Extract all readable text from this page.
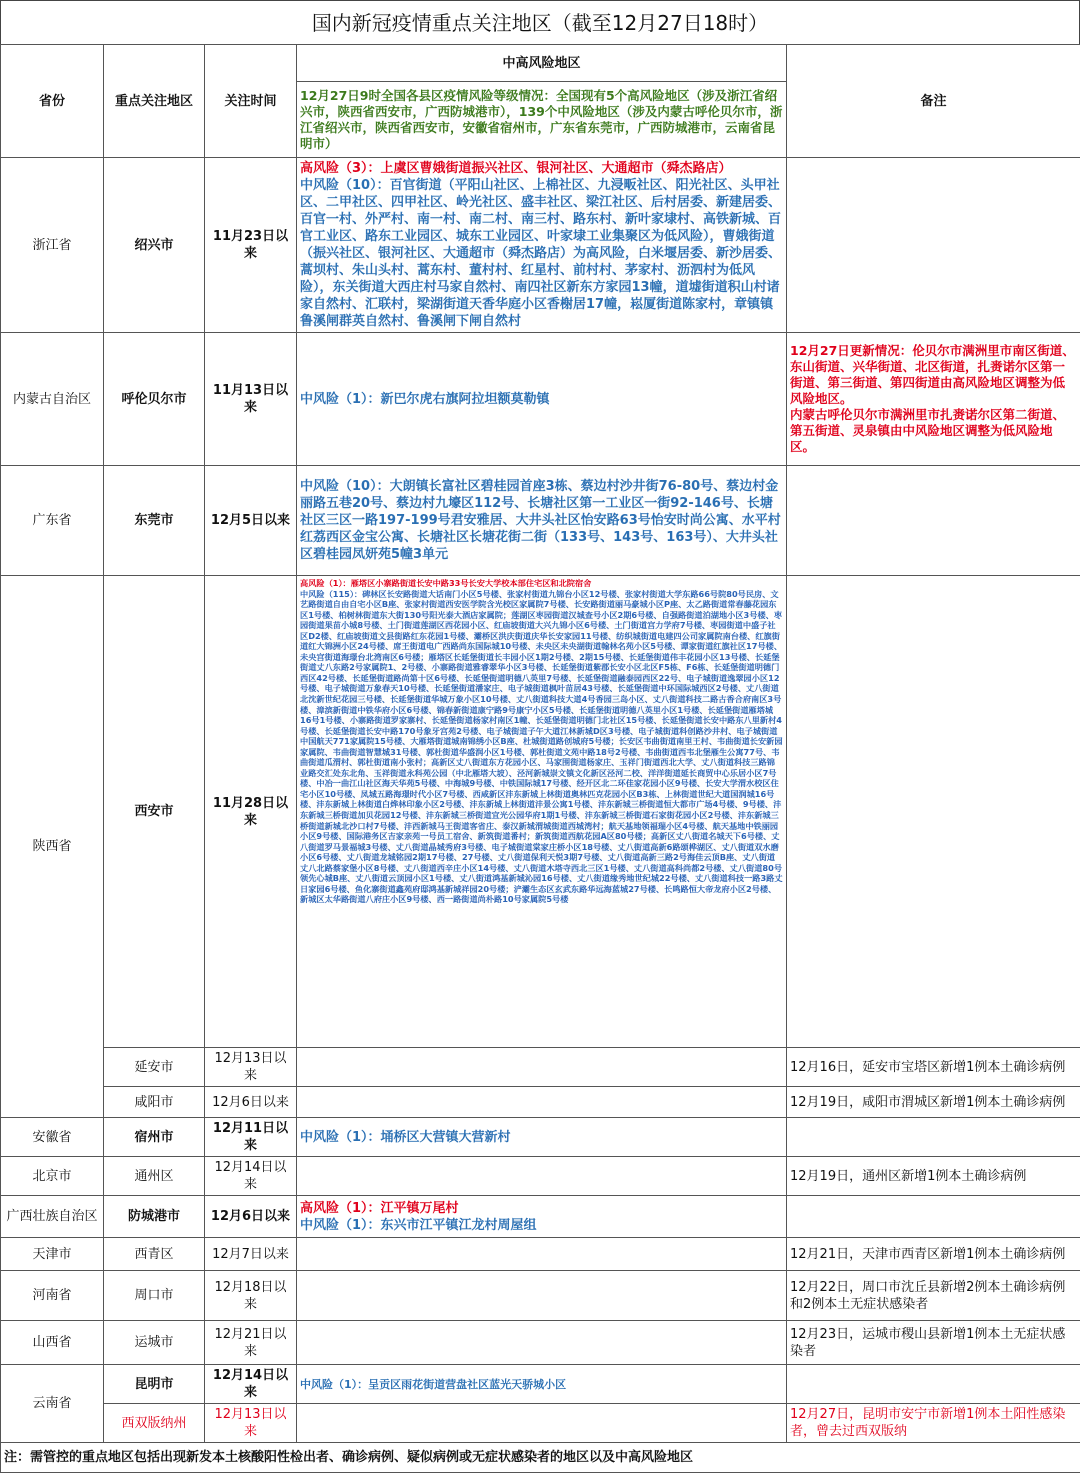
国内新冠疫情重点关注地区（截至12月27日18时）
省份	重点关注地区	关注时间	中高风险地区	备注
			12月27日9时全国各县区疫情风险等级情况：全国现有5个高风险地区（涉及浙江省绍兴市，陕西省西安市，广西防城港市），139个中风险地区（涉及内蒙古呼伦贝尔市，浙江省绍兴市，陕西省西安市，安徽省宿州市，广东省东莞市，广西防城港市，云南省昆明市）	
浙江省	绍兴市	11月23日以来	高风险（3）：上虞区曹娥街道振兴社区、银河社区、大通超市（舜杰路店）
中风险（10）：百官街道（平阳山社区、上棉社区、九浸畈社区、阳光社区、头甲社区、二甲社区、四甲社区、岭光社区、盛丰社区、梁江社区、后村居委、新建居委、百官一村、外严村、南一村、南二村、南三村、路东村、新叶家埭村、高铁新城、百官工业区、路东工业园区、城东工业园区、叶家埭工业集聚区为低风险），曹娥街道（振兴社区、银河社区、大通超市（舜杰路店）为高风险，白米堰居委、新沙居委、蒿坝村、朱山头村、蒿东村、董村村、红星村、前村村、茅家村、沥泗村为低风险），东关街道大西庄村马家自然村、南四社区新东方家园13幢，道墟街道积山村诸家自然村、汇联村，梁湖街道天香华庭小区香榭居17幢，崧厦街道陈家村，章镇镇鲁溪闸群英自然村、鲁溪闸下闸自然村	

内蒙古自治区	呼伦贝尔市	11月13日以来	中风险（1）：新巴尔虎右旗阿拉坦额莫勒镇	12月27日更新情况：伦贝尔市满洲里市南区街道、东山街道、兴华街道、北区街道，扎赉诺尔区第一街道、第三街道、第四街道由高风险地区调整为低风险地区。
内蒙古呼伦贝尔市满洲里市扎赉诺尔区第二街道、第五街道、灵泉镇由中风险地区调整为低风险地区。
广东省	东莞市	12月5日以来	中风险（10）：大朗镇长富社区碧桂园首座3栋、蔡边村沙井街76-80号、蔡边村金丽路五巷20号、蔡边村九壕区112号、长塘社区第一工业区一街92-146号、长塘社区三区一路197-199号君安雅居、大井头社区怡安路63号怡安时尚公寓、水平村红荔西区金宝公寓、长塘社区长塘花街二街（133号、143号、163号）、大井头社区碧桂园凤妍苑5幢3单元	
陕西省	西安市	11月28日以来	高风险（1）：雁塔区小寨路街道长安中路33号长安大学校本部住宅区和北院宿舍
中风险（115）：碑林区长安路街道大话南门小区5号楼、张家村街道九锦台小区12号楼、张家村街道大学东路66号院80号民房、文艺路街道自由自宅小区B座、张家村街道西安医学院含光校区家属院7号楼、长安路街道丽马豪城小区P座、太乙路街道常春藤花园东区1号楼、柏树林街道东大街130号阳光泰大酒店家属院；莲湖区枣园街道汉城查号小区2期6号楼、自强路街道泊湖地小区3号楼、枣园街道果苗小城8号楼、土门街道莲湖区西花园小区、红庙坡街道大兴九锦小区6号楼、土门街道宫力学府7号楼、枣园街道中盛子社区D2楼、红庙坡街道文县街路红东花园1号楼、灞桥区洪庆街道庆华长安家园11号楼、纺织城街道电建四公司家属院南台楼、红旗街道红大锦洲小区24号楼、席王街道电广西路尚东国际城10号楼、未央区未央湖街道翰林名苑小区5号楼、谭家街道红旗社区17号楼、未央宫街道海璟台北湾南区6号楼；雁塔区长延堡街道长丰园小区1期2号楼、2期15号楼、长延堡街道伟丰花园小区13号楼、长延堡街道丈八东路2号家属院1、2号楼、小寨路街道雅睿翠华小区3号楼、长延堡街道紫郡长安小区北区F5栋、F6栋、长延堡街道明德门西区42号楼、长延堡街道路尚第十区6号楼、长延堡街道明德八英里7号楼、长延堡街道融泰园西区22号、电子城街道逸翠园小区12号楼、电子城街道万象春天10号楼、长延堡街道潘家庄、电子城街道枫叶苗居43号楼、长延堡街道中环国际城西区2号楼、丈八街道北沈新世纪花园三号楼、长延堡街道华城万象小区10号楼、丈八街道科技大道4号香园三岛小区、丈八街道科技二路古香合府南区3号楼、漳滨新街道中铁华府小区6号楼、锦春新街道康宁路9号康宁小区5号楼、长延堡街道明德八英里小区1号楼、长延堡街道雁塔城16号1号楼、小寨路街道罗家寨村、长延堡街道杨家村南区1幢、长延堡街道明德门北社区15号楼、长延堡街道长安中路东八里新村4号楼、长延堡街道长安中路170号象牙宫苑2号楼、电子城街道子午大道江林新城D区3号楼、电子城街道科创路沙井村、电子城街道中国航天771家属院15号楼、大雁塔街道城南锦绣小区B座、杜城街道路创城府5号楼；长安区韦曲街道南里王村、韦曲街道长安新园家属院、韦曲街道智慧城31号楼、郭杜街道华盛润小区1号楼、郭杜街道文苑中路18号2号楼、韦曲街道西韦北堡雁生公寓77号、韦曲街道瓜渭村、郭杜街道南小张村；高新区丈八街道东方花园小区、马家围街道杨家庄、玉祥门街道西北大学、丈八街道科技三路锦业路交汇处东北角、玉祥街道永科苑公园（中北雁塔大坡）、泾河新城崇文镇文化新区泾河二校、洋洋街道延长商贸中心乐居小区7号楼、中冶一曲江山社区海天华苑5号楼、中海城9号楼、中铁国际城17号楼、经开区北二环佳家花园小区9号楼、长安大学渭水校区住宅小区10号楼、凤城五路海璟时代小区7号楼、西咸新区沣东新城上林街道奥林匹克花园小区B3栋、上林街道世纪大道国润城16号楼、沣东新城上林街道白烨林印象小区2号楼、沣东新城上林街道沣景公寓1号楼、沣东新城三桥街道恒大都市广场4号楼、9号楼、沣东新城三桥街道加贝花园12号楼、沣东新城三桥街道宜光公园华府1期1号楼、沣东新城三桥街道石家街花园小区2号楼、沣东新城三桥街道新城北沙口村7号楼、沣西新城马王街道客省庄、泰汉新城渭城街道西城湾村；航天基地领福瑞小区4号楼、航天基地中铁丽园小区9号楼、国际港务区吉家亲苑一号员工宿舍、新筑街道番村；新筑街道西航花园A区80号楼；高新区丈八街道名城天下6号楼、丈八街道罗马景福城3号楼、丈八街道晶城秀府3号楼、电子城街道棠家庄桥小区18号楼、丈八街道高新6路颂桦湖区、丈八街道双水磨小区6号楼、丈八街道龙城铭园2期17号楼、27号楼、丈八街道保利天悦3期7号楼、丈八街道高新三路2号海佳云顶B座、丈八街道丈八北路蔡家堡小区8号楼、丈八街道西辛庄小区14号楼、丈八街道木塔寺西北三区1号楼、丈八街道高科尚都2号楼、丈八街道80号领先心城B座、丈八街道云顶园小区1号楼、丈八街道鸿基新城沁园16号楼、丈八街道缘秀地世纪城22号楼、丈八街道科技一路3路丈日家园6号楼、鱼化寨街道鑫苑府邸鸿基新城祥园20号楼；浐灞生态区玄武东路华远海蓝城27号楼、长鸣路恒大帝龙府小区2号楼、新城区太华路街道八府庄小区9号楼、西一路街道尚朴路10号家属院5号楼	

	延安市	12月13日以来		12月16日，延安市宝塔区新增1例本土确诊病例
	咸阳市	12月6日以来		12月19日，咸阳市渭城区新增1例本土确诊病例
安徽省	宿州市	12月11日以来	中风险（1）：埇桥区大营镇大营新村	
北京市	通州区	12月14日以来		12月19日，通州区新增1例本土确诊病例
广西壮族自治区	防城港市	12月6日以来	高风险（1）：江平镇万尾村
中风险（1）：东兴市江平镇江龙村周屋组	

天津市	西青区	12月7日以来		12月21日，天津市西青区新增1例本土确诊病例
河南省	周口市	12月18日以来		12月22日，周口市沈丘县新增2例本土确诊病例和2例本土无症状感染者
山西省	运城市	12月21日以来		12月23日，运城市稷山县新增1例本土无症状感染者
云南省	昆明市	12月14日以来	中风险（1）：呈贡区雨花街道营盘社区蓝光天骄城小区	
	西双版纳州	12月13日以来		12月27日，昆明市安宁市新增1例本土阳性感染者，曾去过西双版纳
注：需管控的重点地区包括出现新发本土核酸阳性检出者、确诊病例、疑似病例或无症状感染者的地区以及中高风险地区				
